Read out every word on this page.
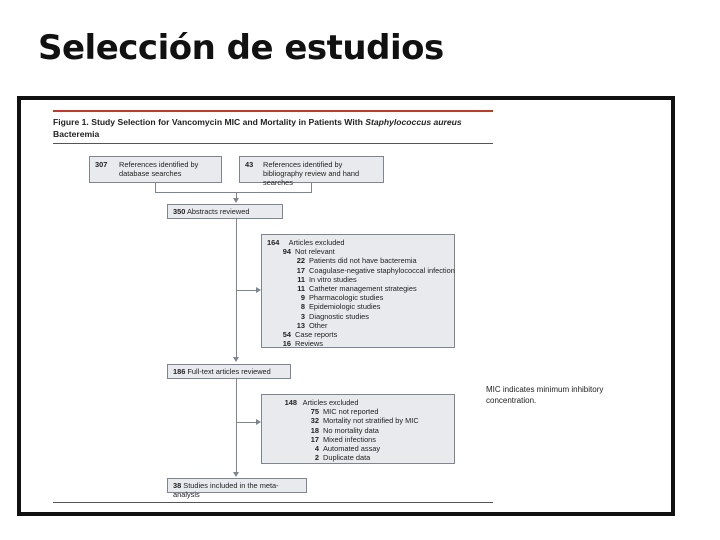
Selección de estudios
Figure 1. Study Selection for Vancomycin MIC and Mortality in Patients With Staphylococcus aureus
Bacteremia
307	References identified by database searches
43	References identified by bibliography review and hand searches
350 Abstracts reviewed
164 Articles excluded
94 Not relevant
22 Patients did not have bacteremia
17 Coagulase-negative staphylococcal infection
11 In vitro studies
11 Catheter management strategies
9 Pharmacologic studies
8 Epidemiologic studies
3 Diagnostic studies
13 Other
54 Case reports
16 Reviews
186 Full-text articles reviewed
148 Articles excluded
75 MIC not reported
32 Mortality not stratified by MIC
18 No mortality data
17 Mixed infections
4 Automated assay
2 Duplicate data
38 Studies included in the meta-analysis
MIC indicates minimum inhibitory concentration.
